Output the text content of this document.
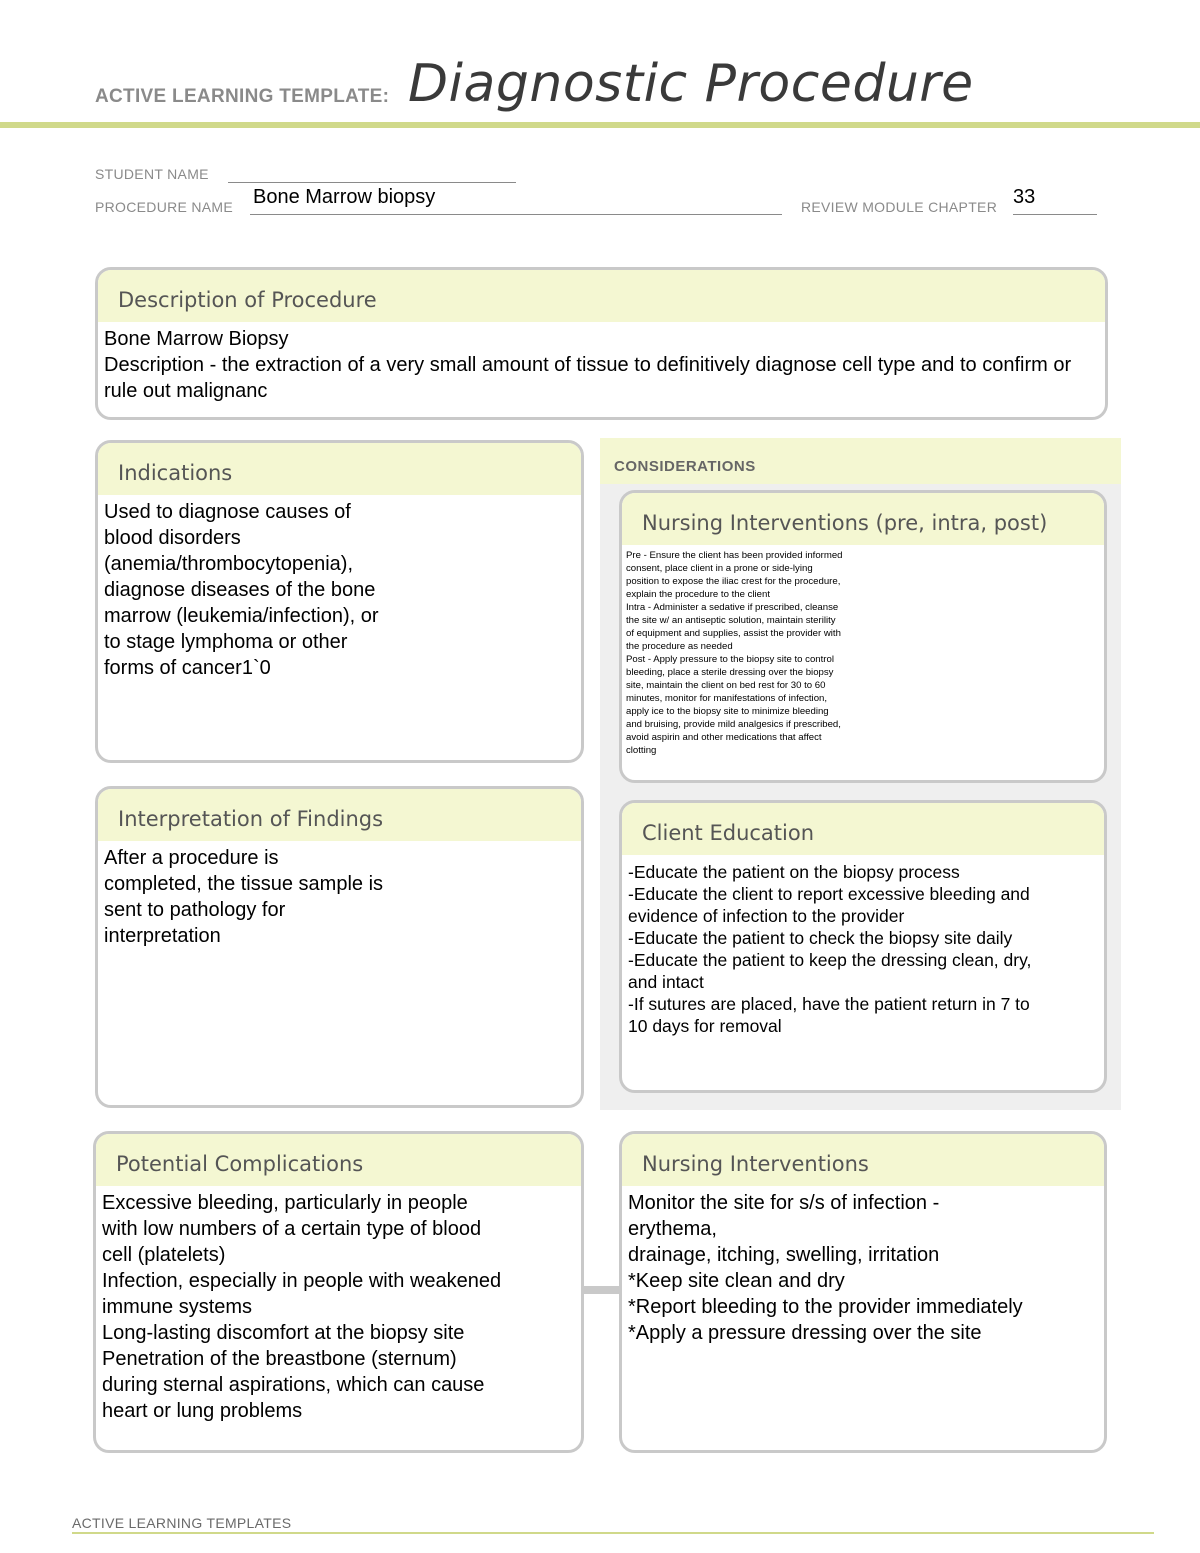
ACTIVE LEARNING TEMPLATE: Diagnostic Procedure
STUDENT NAME
PROCEDURE NAME Bone Marrow biopsy	REVIEW MODULE CHAPTER 33
Description of Procedure
Bone Marrow Biopsy
Description - the extraction of a very small amount of tissue to definitively diagnose cell type and to confirm or rule out malignanc
Indications
Used to diagnose causes of
blood disorders
(anemia/thrombocytopenia),
diagnose diseases of the bone
marrow (leukemia/infection), or
to stage lymphoma or other
forms of cancer1`0
CONSIDERATIONS
Nursing Interventions (pre, intra, post)
Pre - Ensure the client has been provided informed
consent, place client in a prone or side-lying
position to expose the iliac crest for the procedure,
explain the procedure to the client
Intra - Administer a sedative if prescribed, cleanse
the site w/ an antiseptic solution, maintain sterility
of equipment and supplies, assist the provider with
the procedure as needed
Post - Apply pressure to the biopsy site to control
bleeding, place a sterile dressing over the biopsy
site, maintain the client on bed rest for 30 to 60
minutes, monitor for manifestations of infection,
apply ice to the biopsy site to minimize bleeding
and bruising, provide mild analgesics if prescribed,
avoid aspirin and other medications that affect
clotting
Interpretation of Findings
After a procedure is
completed, the tissue sample is
sent to pathology for
interpretation
Client Education
-Educate the patient on the biopsy process
-Educate the client to report excessive bleeding and
evidence of infection to the provider
-Educate the patient to check the biopsy site daily
-Educate the patient to keep the dressing clean, dry,
and intact
-If sutures are placed, have the patient return in 7 to
10 days for removal
Potential Complications
Excessive bleeding, particularly in people
with low numbers of a certain type of blood
cell (platelets)
Infection, especially in people with weakened
immune systems
Long-lasting discomfort at the biopsy site
Penetration of the breastbone (sternum)
during sternal aspirations, which can cause
heart or lung problems
Nursing Interventions
Monitor the site for s/s of infection -
erythema,
drainage, itching, swelling, irritation
*Keep site clean and dry
*Report bleeding to the provider immediately
*Apply a pressure dressing over the site
ACTIVE LEARNING TEMPLATES
